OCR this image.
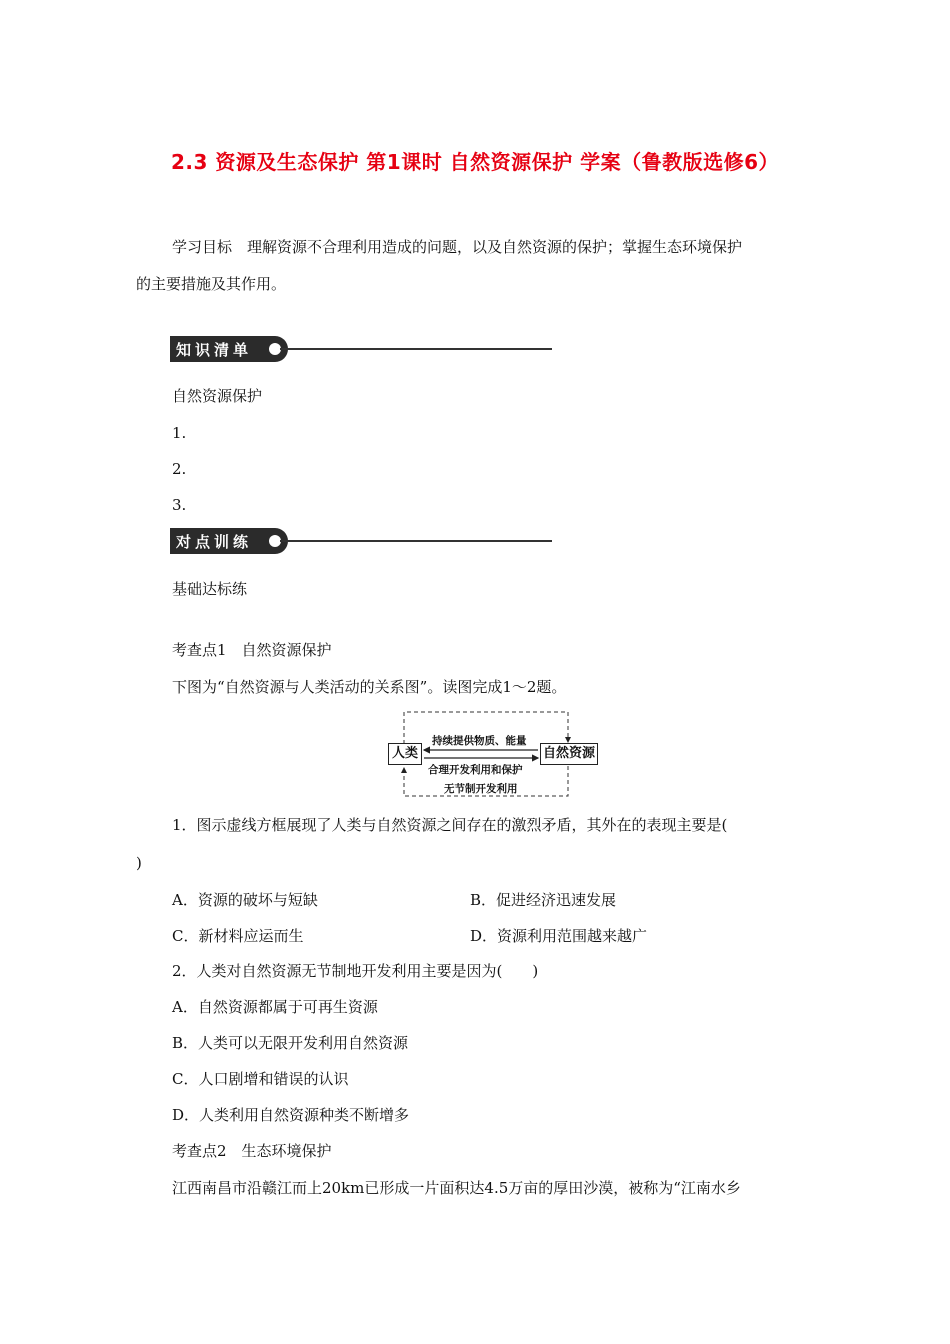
2.3 资源及生态保护 第1课时 自然资源保护 学案（鲁教版选修6）
学习目标　理解资源不合理利用造成的问题，以及自然资源的保护；掌握生态环境保护
的主要措施及其作用。
知识清单
自然资源保护
1.
2.
3.
对点训练
基础达标练
考查点1　自然资源保护
下图为“自然资源与人类活动的关系图”。读图完成1～2题。
人类	自然资源
持续提供物质、能量
合理开发利用和保护
无节制开发利用
1．图示虚线方框展现了人类与自然资源之间存在的激烈矛盾，其外在的表现主要是(
)
A．资源的破坏与短缺	B．促进经济迅速发展
C．新材料应运而生	D．资源利用范围越来越广
2．人类对自然资源无节制地开发利用主要是因为(　　)
A．自然资源都属于可再生资源
B．人类可以无限开发利用自然资源
C．人口剧增和错误的认识
D．人类利用自然资源种类不断增多
考查点2　生态环境保护
江西南昌市沿赣江而上20km已形成一片面积达4.5万亩的厚田沙漠，被称为“江南水乡
